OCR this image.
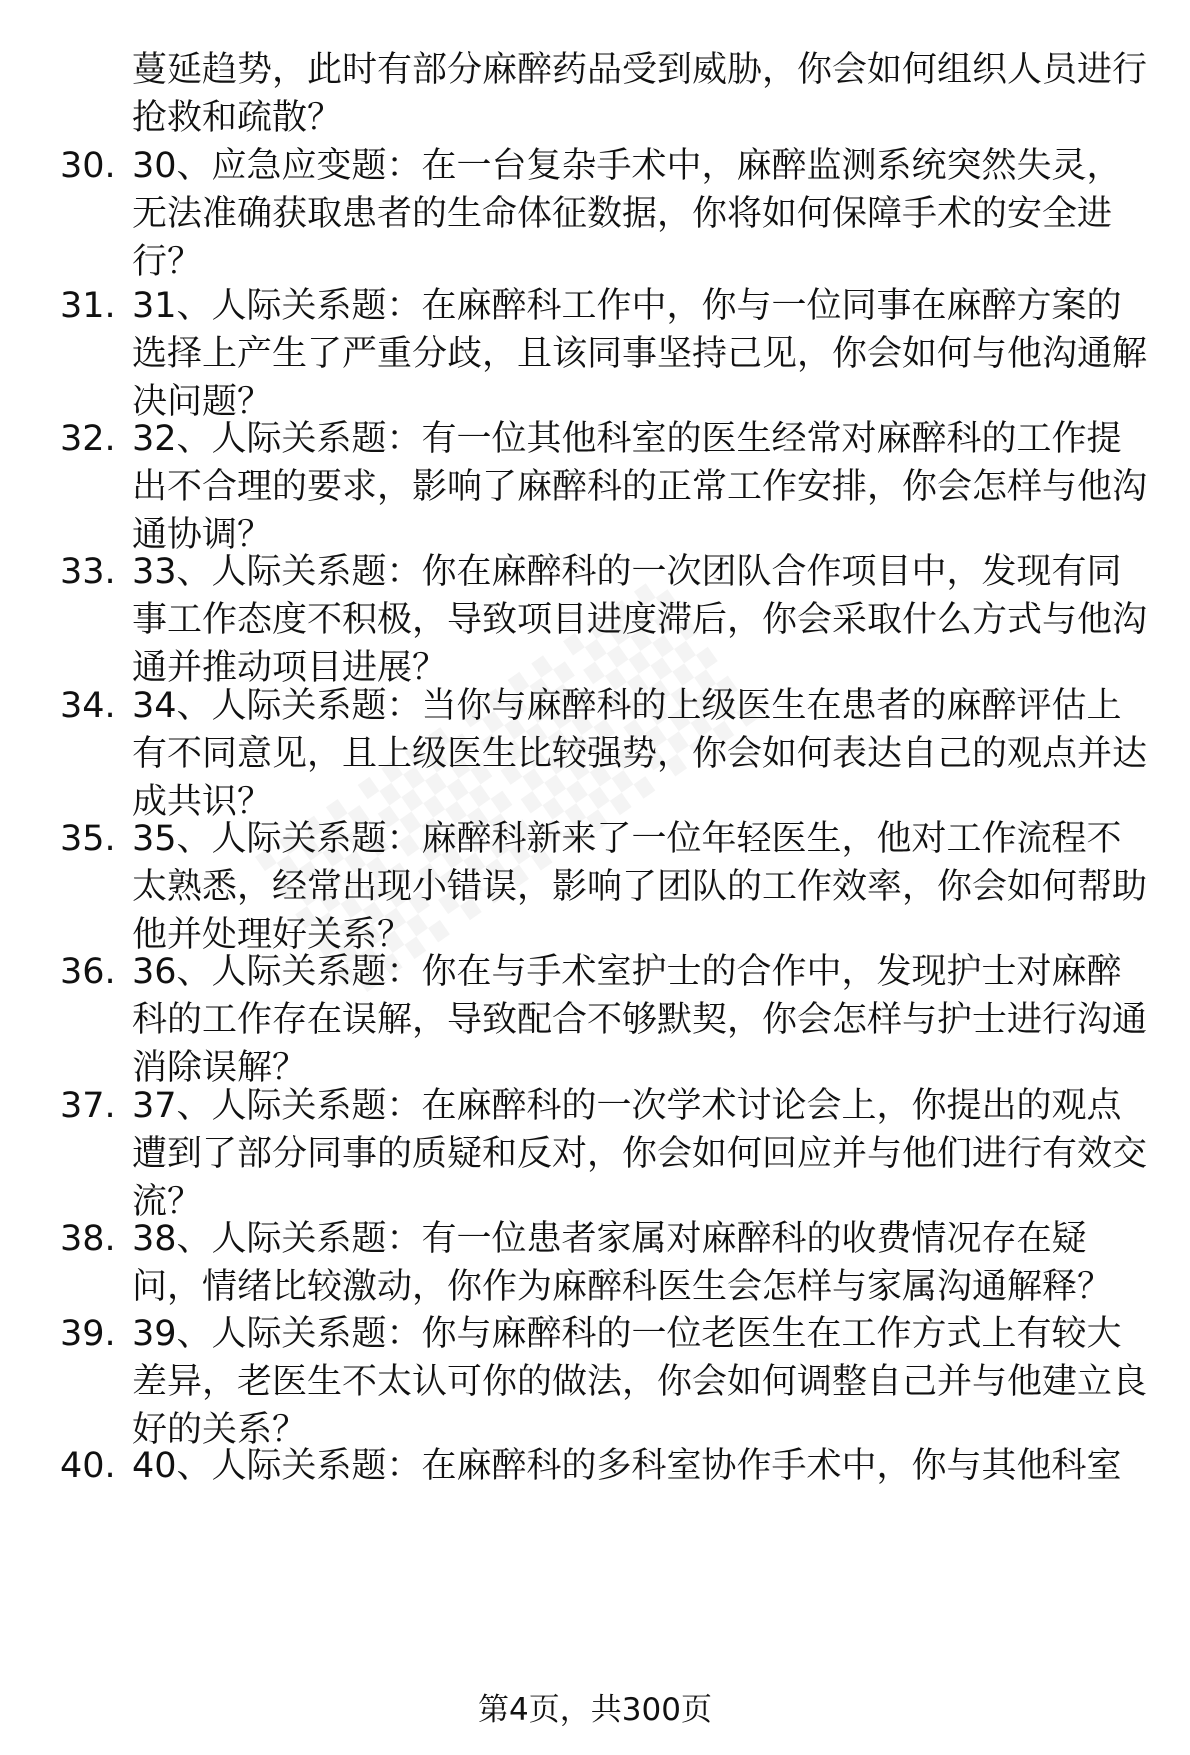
蔓延趋势，此时有部分麻醉药品受到威胁，你会如何组织人员进行抢救和疏散？
30. 30、应急应变题：在一台复杂手术中，麻醉监测系统突然失灵，无法准确获取患者的生命体征数据，你将如何保障手术的安全进行？
31. 31、人际关系题：在麻醉科工作中，你与一位同事在麻醉方案的选择上产生了严重分歧，且该同事坚持己见，你会如何与他沟通解决问题？
32. 32、人际关系题：有一位其他科室的医生经常对麻醉科的工作提出不合理的要求，影响了麻醉科的正常工作安排，你会怎样与他沟通协调？
33. 33、人际关系题：你在麻醉科的一次团队合作项目中，发现有同事工作态度不积极，导致项目进度滞后，你会采取什么方式与他沟通并推动项目进展？
34. 34、人际关系题：当你与麻醉科的上级医生在患者的麻醉评估上有不同意见，且上级医生比较强势，你会如何表达自己的观点并达成共识？
35. 35、人际关系题：麻醉科新来了一位年轻医生，他对工作流程不太熟悉，经常出现小错误，影响了团队的工作效率，你会如何帮助他并处理好关系？
36. 36、人际关系题：你在与手术室护士的合作中，发现护士对麻醉科的工作存在误解，导致配合不够默契，你会怎样与护士进行沟通消除误解？
37. 37、人际关系题：在麻醉科的一次学术讨论会上，你提出的观点遭到了部分同事的质疑和反对，你会如何回应并与他们进行有效交流？
38. 38、人际关系题：有一位患者家属对麻醉科的收费情况存在疑问，情绪比较激动，你作为麻醉科医生会怎样与家属沟通解释？
39. 39、人际关系题：你与麻醉科的一位老医生在工作方式上有较大差异，老医生不太认可你的做法，你会如何调整自己并与他建立良好的关系？
40. 40、人际关系题：在麻醉科的多科室协作手术中，你与其他科室
第4页，共300页
